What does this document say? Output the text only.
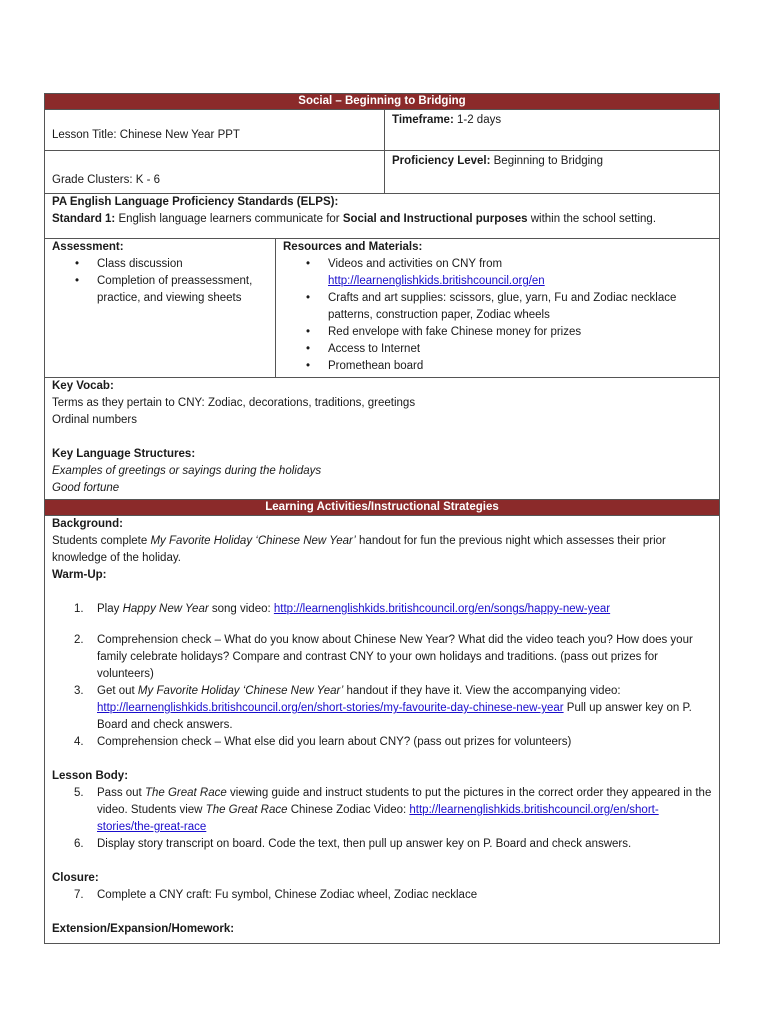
Social – Beginning to Bridging
Lesson Title: Chinese New Year PPT
Timeframe: 1-2 days
Grade Clusters: K - 6
Proficiency Level: Beginning to Bridging
PA English Language Proficiency Standards (ELPS):
Standard 1: English language learners communicate for Social and Instructional purposes within the school setting.
Assessment:
• Class discussion
• Completion of preassessment, practice, and viewing sheets
Resources and Materials:
• Videos and activities on CNY from
http://learnenglishkids.britishcouncil.org/en
• Crafts and art supplies: scissors, glue, yarn, Fu and Zodiac necklace patterns, construction paper, Zodiac wheels
• Red envelope with fake Chinese money for prizes
• Access to Internet
• Promethean board
Key Vocab:
Terms as they pertain to CNY: Zodiac, decorations, traditions, greetings
Ordinal numbers
Key Language Structures:
Examples of greetings or sayings during the holidays
Good fortune
Learning Activities/Instructional Strategies
Background:
Students complete My Favorite Holiday ‘Chinese New Year’ handout for fun the previous night which assesses their prior knowledge of the holiday.
Warm-Up:
1. Play Happy New Year song video: http://learnenglishkids.britishcouncil.org/en/songs/happy-new-year
2. Comprehension check – What do you know about Chinese New Year? What did the video teach you? How does your family celebrate holidays? Compare and contrast CNY to your own holidays and traditions. (pass out prizes for volunteers)
3. Get out My Favorite Holiday ‘Chinese New Year’ handout if they have it. View the accompanying video: http://learnenglishkids.britishcouncil.org/en/short-stories/my-favourite-day-chinese-new-year Pull up answer key on P. Board and check answers.
4. Comprehension check – What else did you learn about CNY? (pass out prizes for volunteers)
Lesson Body:
5. Pass out The Great Race viewing guide and instruct students to put the pictures in the correct order they appeared in the video. Students view The Great Race Chinese Zodiac Video: http://learnenglishkids.britishcouncil.org/en/short-stories/the-great-race
6. Display story transcript on board. Code the text, then pull up answer key on P. Board and check answers.
Closure:
7. Complete a CNY craft: Fu symbol, Chinese Zodiac wheel, Zodiac necklace
Extension/Expansion/Homework:
